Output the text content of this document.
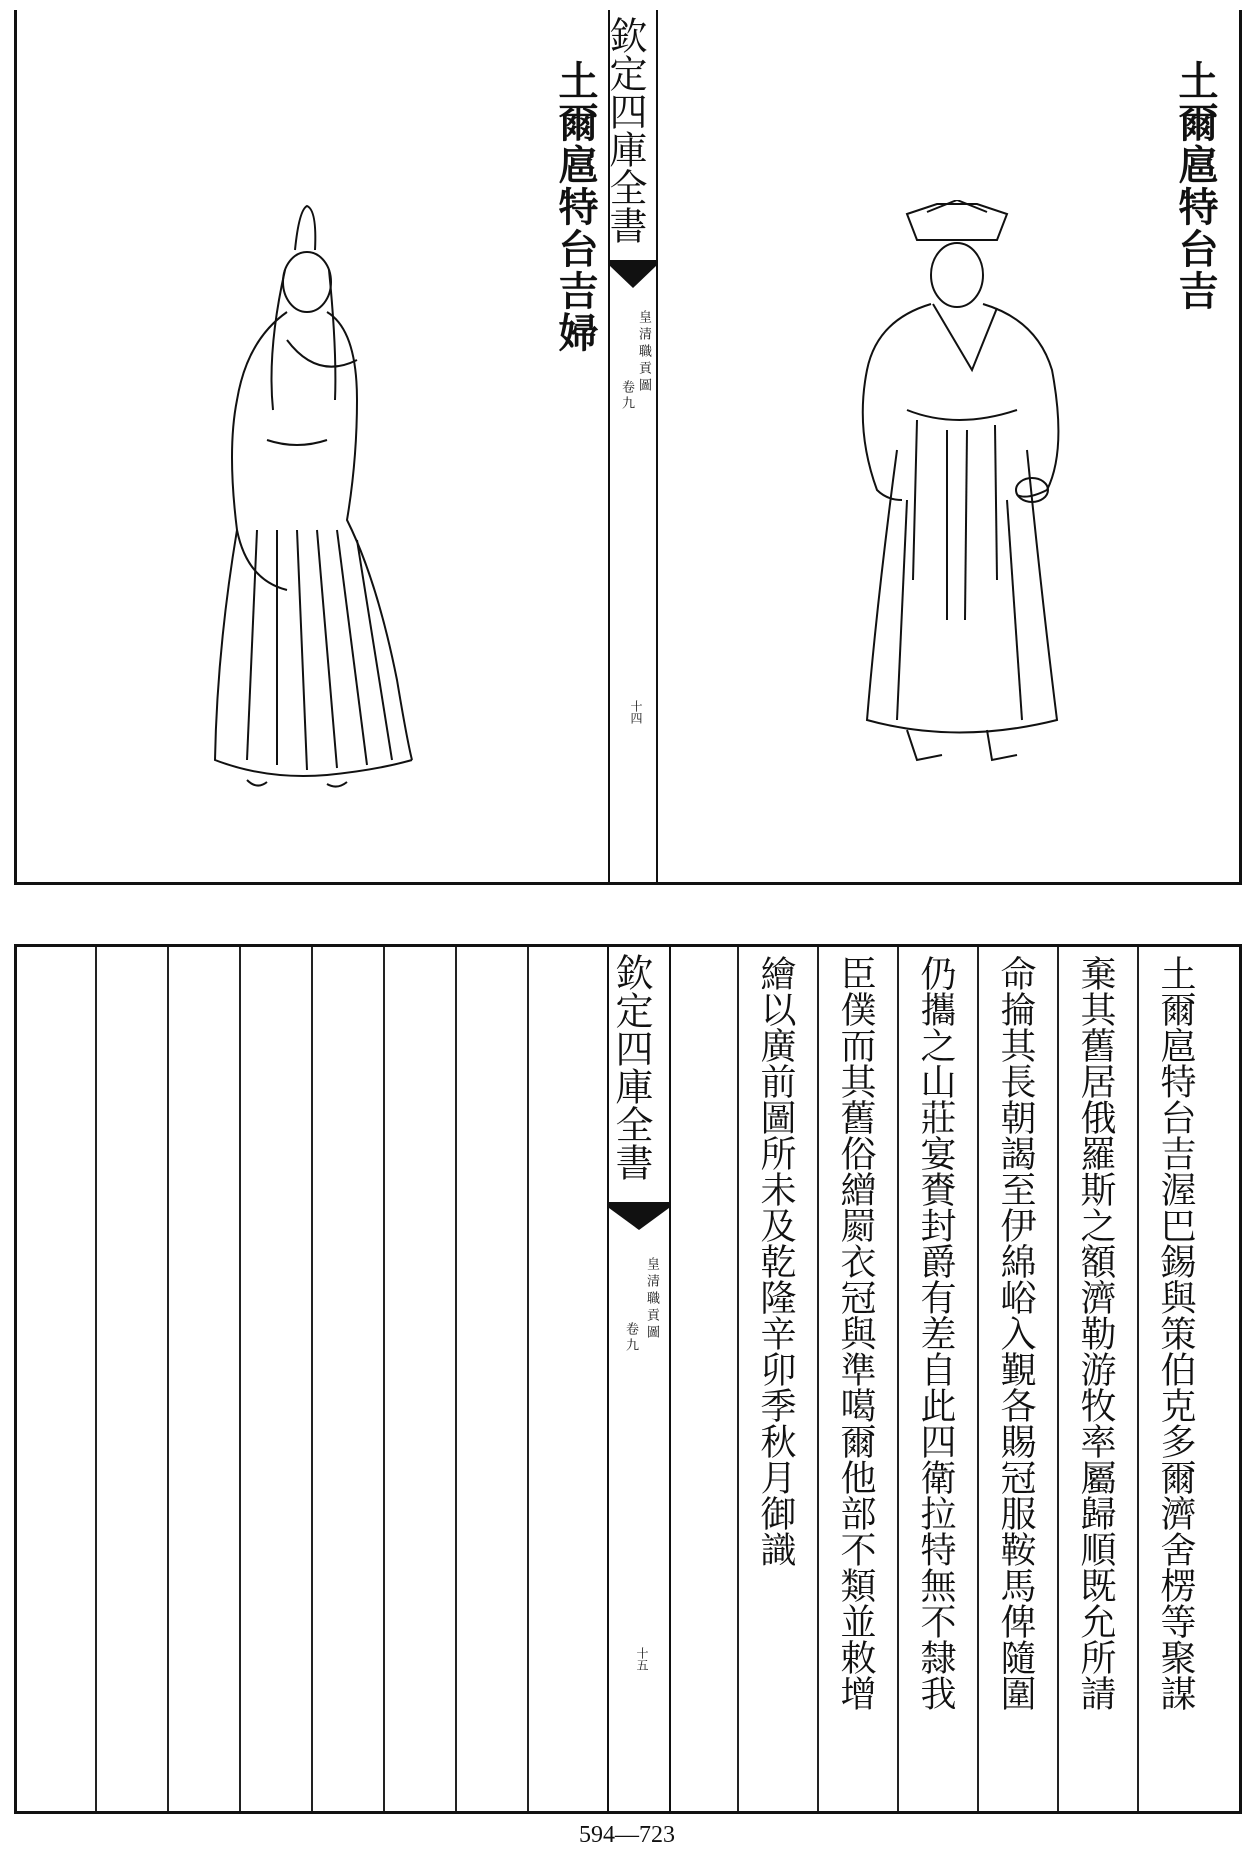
欽定四庫全書
皇清職貢圖
卷九
十四
土爾扈特台吉婦	土爾扈特台吉
欽定四庫全書
皇清職貢圖
卷九
十五	土爾扈特台吉渥巴錫與策伯克多爾濟舍楞等聚謀
棄其舊居俄羅斯之額濟勒游牧率屬歸順既允所請
命掄其長朝謁至伊綿峪入覲各賜冠服鞍馬俾隨圍
仍攜之山莊宴賚封爵有差自此四衛拉特無不隸我
臣僕而其舊俗繒罽衣冠與準噶爾他部不類並敕增
繪以廣前圖所未及乾隆辛卯季秋月御識
594—723
